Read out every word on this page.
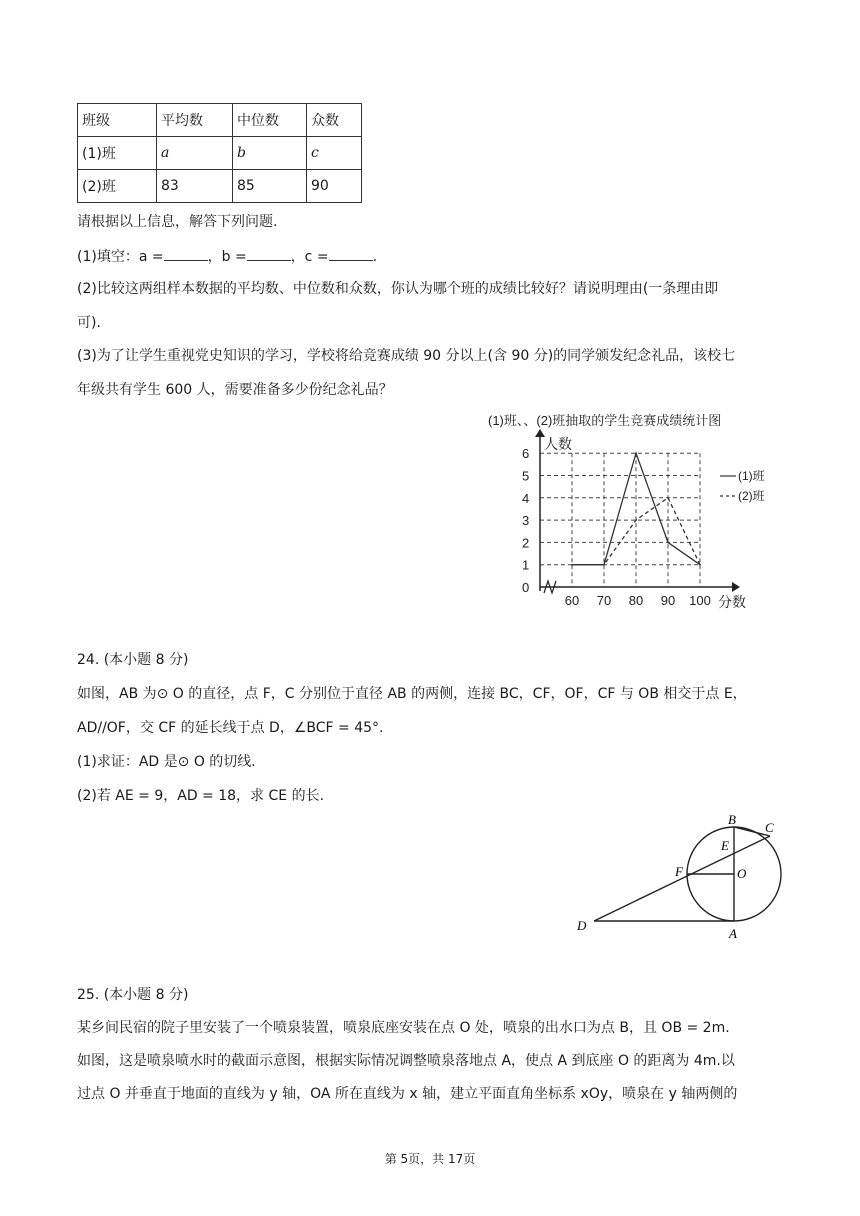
班级	平均数	中位数	众数
(1)班	a	b	c
(2)班	83	85	90
请根据以上信息，解答下列问题.
(1)填空：a =	，b =	，c =	.
(2)比较这两组样本数据的平均数、中位数和众数，你认为哪个班的成绩比较好？请说明理由(一条理由即
可).
(3)为了让学生重视党史知识的学习，学校将给竞赛成绩 90 分以上(含 90 分)的同学颁发纪念礼品，该校七
年级共有学生 600 人，需要准备多少份纪念礼品？
(1)班、、(2)班抽取的学生竞赛成绩统计图
人数
分数
0
1
2
3
4
5
6
60 70 80 90 100
(1)班
(2)班
24. (本小题 8 分)
如图，AB 为⊙ O 的直径，点 F，C 分别位于直径 AB 的两侧，连接 BC，CF，OF，CF 与 OB 相交于点 E，
AD//OF，交 CF 的延长线于点 D，∠BCF = 45°.
(1)求证：AD 是⊙ O 的切线.
(2)若 AE = 9，AD = 18，求 CE 的长.
B
C
E
F	O
D
A
25. (本小题 8 分)
某乡间民宿的院子里安装了一个喷泉装置，喷泉底座安装在点 O 处，喷泉的出水口为点 B，且 OB = 2m.
如图，这是喷泉喷水时的截面示意图，根据实际情况调整喷泉落地点 A，使点 A 到底座 O 的距离为 4m.以
过点 O 并垂直于地面的直线为 y 轴，OA 所在直线为 x 轴，建立平面直角坐标系 xOy，喷泉在 y 轴两侧的
第 5页，共 17页
